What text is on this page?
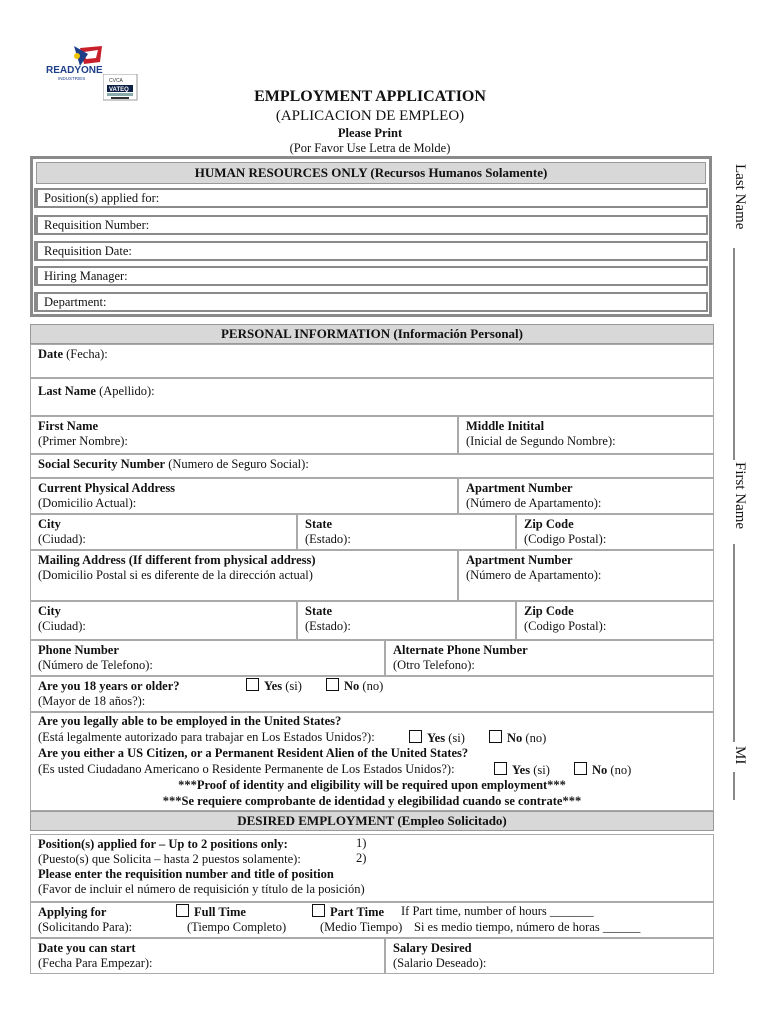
READYONE
INDUSTRIES	CVCA
VATEQ	EMPLOYMENT APPLICATION
(APLICACION DE EMPLEO)
Please Print
(Por Favor Use Letra de Molde)
HUMAN RESOURCES ONLY (Recursos Humanos Solamente)
Position(s) applied for:
Requisition Number:
Requisition Date:
Hiring Manager:
Department:
PERSONAL INFORMATION (Información Personal)
Date (Fecha):
Last Name (Apellido):
First Name
(Primer Nombre):
Middle Initital
(Inicial de Segundo Nombre):
Social Security Number (Numero de Seguro Social):
Current Physical Address
(Domicilio Actual):
Apartment Number
(Número de Apartamento):
City
(Ciudad):
State
(Estado):
Zip Code
(Codigo Postal):
Mailing Address (If different from physical address)
(Domicilio Postal si es diferente de la dirección actual)
Apartment Number
(Número de Apartamento):
City
(Ciudad):
State
(Estado):
Zip Code
(Codigo Postal):
Phone Number
(Número de Telefono):
Alternate Phone Number
(Otro Telefono):
Are you 18 years or older?
(Mayor de 18 años?):
Yes (si)	No (no)
Are you legally able to be employed in the United States?
(Está legalmente autorizado para trabajar en Los Estados Unidos?):	Yes (si)	No (no)
Are you either a US Citizen, or a Permanent Resident Alien of the United States?
(Es usted Ciudadano Americano o Residente Permanente de Los Estados Unidos?):	Yes (si)	No (no)
***Proof of identity and eligibility will be required upon employment***
***Se requiere comprobante de identidad y elegibilidad cuando se contrate***
DESIRED EMPLOYMENT (Empleo Solicitado)
Position(s) applied for – Up to 2 positions only:
(Puesto(s) que Solicita – hasta 2 puestos solamente):
Please enter the requisition number and title of position
(Favor de incluir el número de requisición y título de la posición)
1)
2)
Applying for
(Solicitando Para):
Full Time
(Tiempo Completo)
Part Time
(Medio Tiempo)
If Part time, number of hours _______
Si es medio tiempo, número de horas ______
Date you can start
(Fecha Para Empezar):
Salary Desired
(Salario Deseado):
Last Name
First Name
MI
